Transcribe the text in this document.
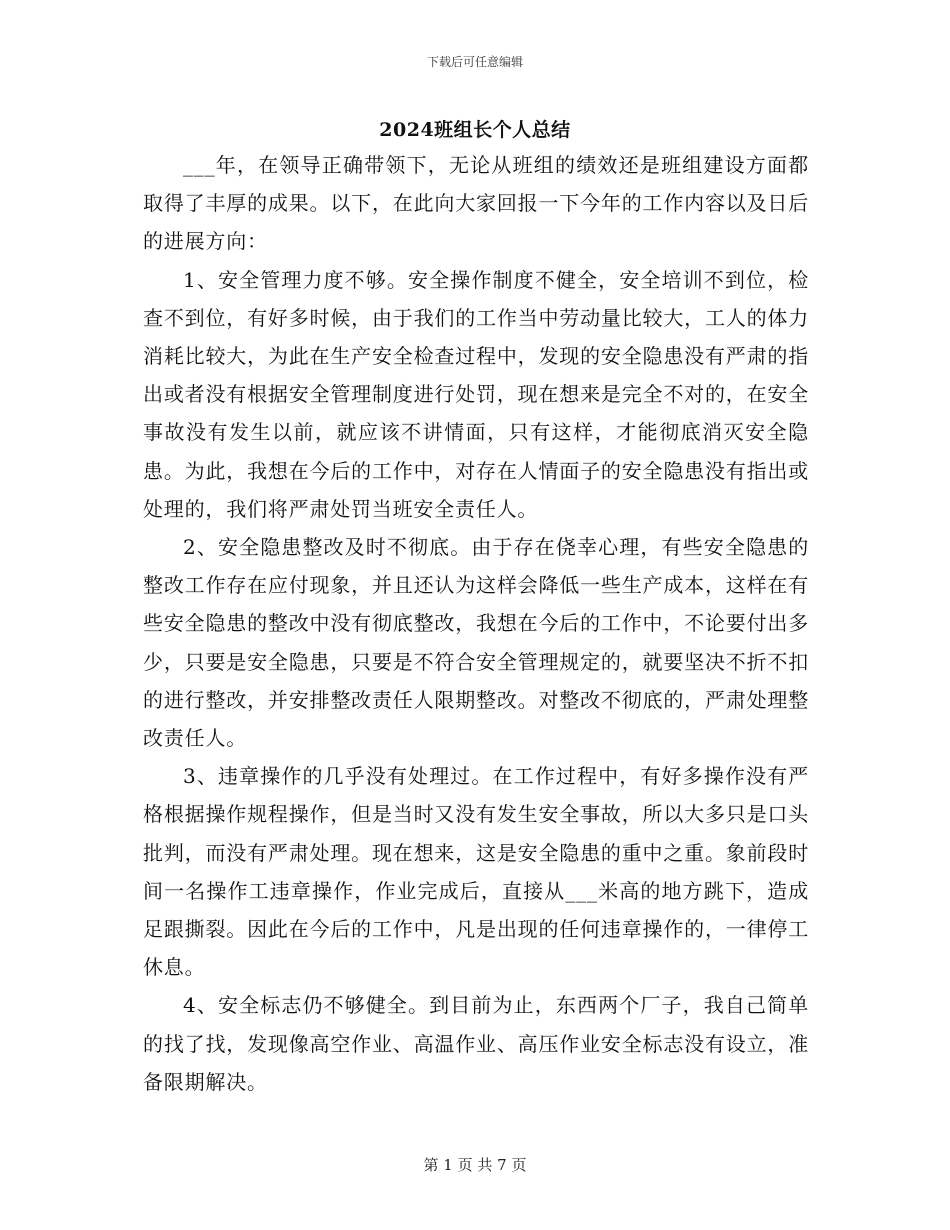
下载后可任意编辑
2024班组长个人总结

___年，在领导正确带领下，无论从班组的绩效还是班组建设方面都取得了丰厚的成果。以下，在此向大家回报一下今年的工作内容以及日后的进展方向：

1、安全管理力度不够。安全操作制度不健全，安全培训不到位，检查不到位，有好多时候，由于我们的工作当中劳动量比较大，工人的体力消耗比较大，为此在生产安全检查过程中，发现的安全隐患没有严肃的指出或者没有根据安全管理制度进行处罚，现在想来是完全不对的，在安全事故没有发生以前，就应该不讲情面，只有这样，才能彻底消灭安全隐患。为此，我想在今后的工作中，对存在人情面子的安全隐患没有指出或处理的，我们将严肃处罚当班安全责任人。

2、安全隐患整改及时不彻底。由于存在侥幸心理，有些安全隐患的整改工作存在应付现象，并且还认为这样会降低一些生产成本，这样在有些安全隐患的整改中没有彻底整改，我想在今后的工作中，不论要付出多少，只要是安全隐患，只要是不符合安全管理规定的，就要坚决不折不扣的进行整改，并安排整改责任人限期整改。对整改不彻底的，严肃处理整改责任人。

3、违章操作的几乎没有处理过。在工作过程中，有好多操作没有严格根据操作规程操作，但是当时又没有发生安全事故，所以大多只是口头批判，而没有严肃处理。现在想来，这是安全隐患的重中之重。象前段时间一名操作工违章操作，作业完成后，直接从___米高的地方跳下，造成足跟撕裂。因此在今后的工作中，凡是出现的任何违章操作的，一律停工休息。

4、安全标志仍不够健全。到目前为止，东西两个厂子，我自己简单的找了找，发现像高空作业、高温作业、高压作业安全标志没有设立，准备限期解决。

第 1 页 共 7 页
